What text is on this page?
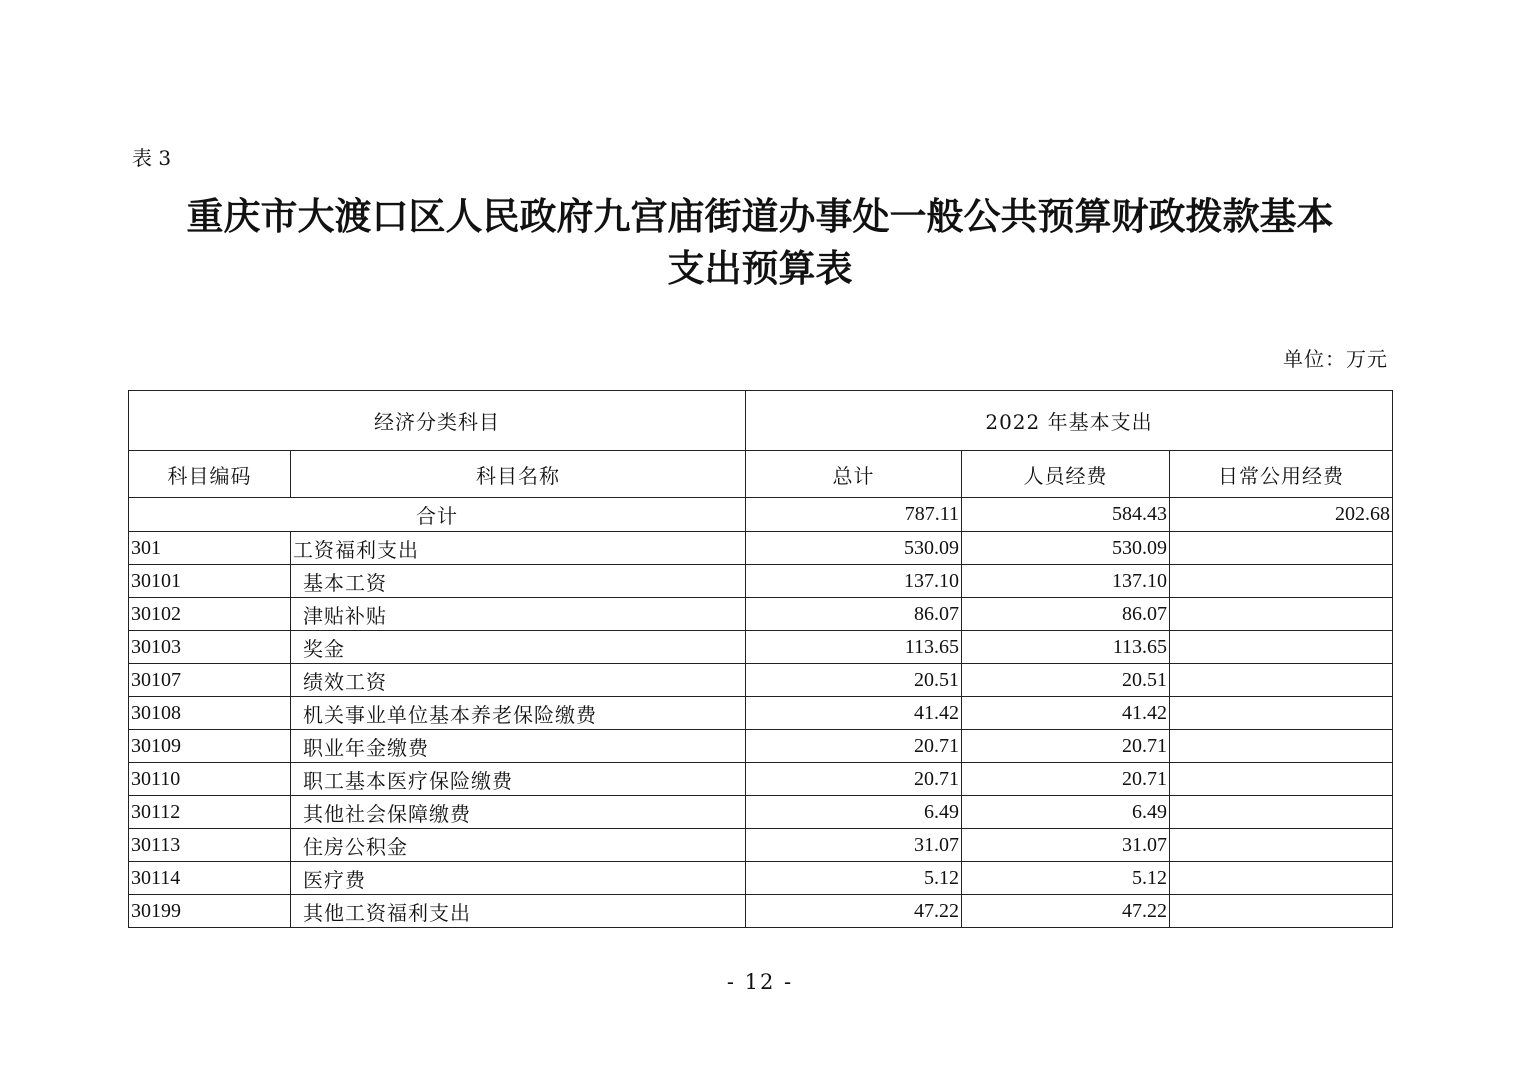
表 3
重庆市大渡口区人民政府九宫庙街道办事处一般公共预算财政拨款基本
支出预算表
单位：万元
经济分类科目		2022 年基本支出		
科目编码	科目名称	总计	人员经费	日常公用经费
合计		787.11	584.43	202.68
301	工资福利支出	530.09	530.09	
30101	基本工资	137.10	137.10	
30102	津贴补贴	86.07	86.07	
30103	奖金	113.65	113.65	
30107	绩效工资	20.51	20.51	
30108	机关事业单位基本养老保险缴费	41.42	41.42	
30109	职业年金缴费	20.71	20.71	
30110	职工基本医疗保险缴费	20.71	20.71	
30112	其他社会保障缴费	6.49	6.49	
30113	住房公积金	31.07	31.07	
30114	医疗费	5.12	5.12	
30199	其他工资福利支出	47.22	47.22	
- 12 -
